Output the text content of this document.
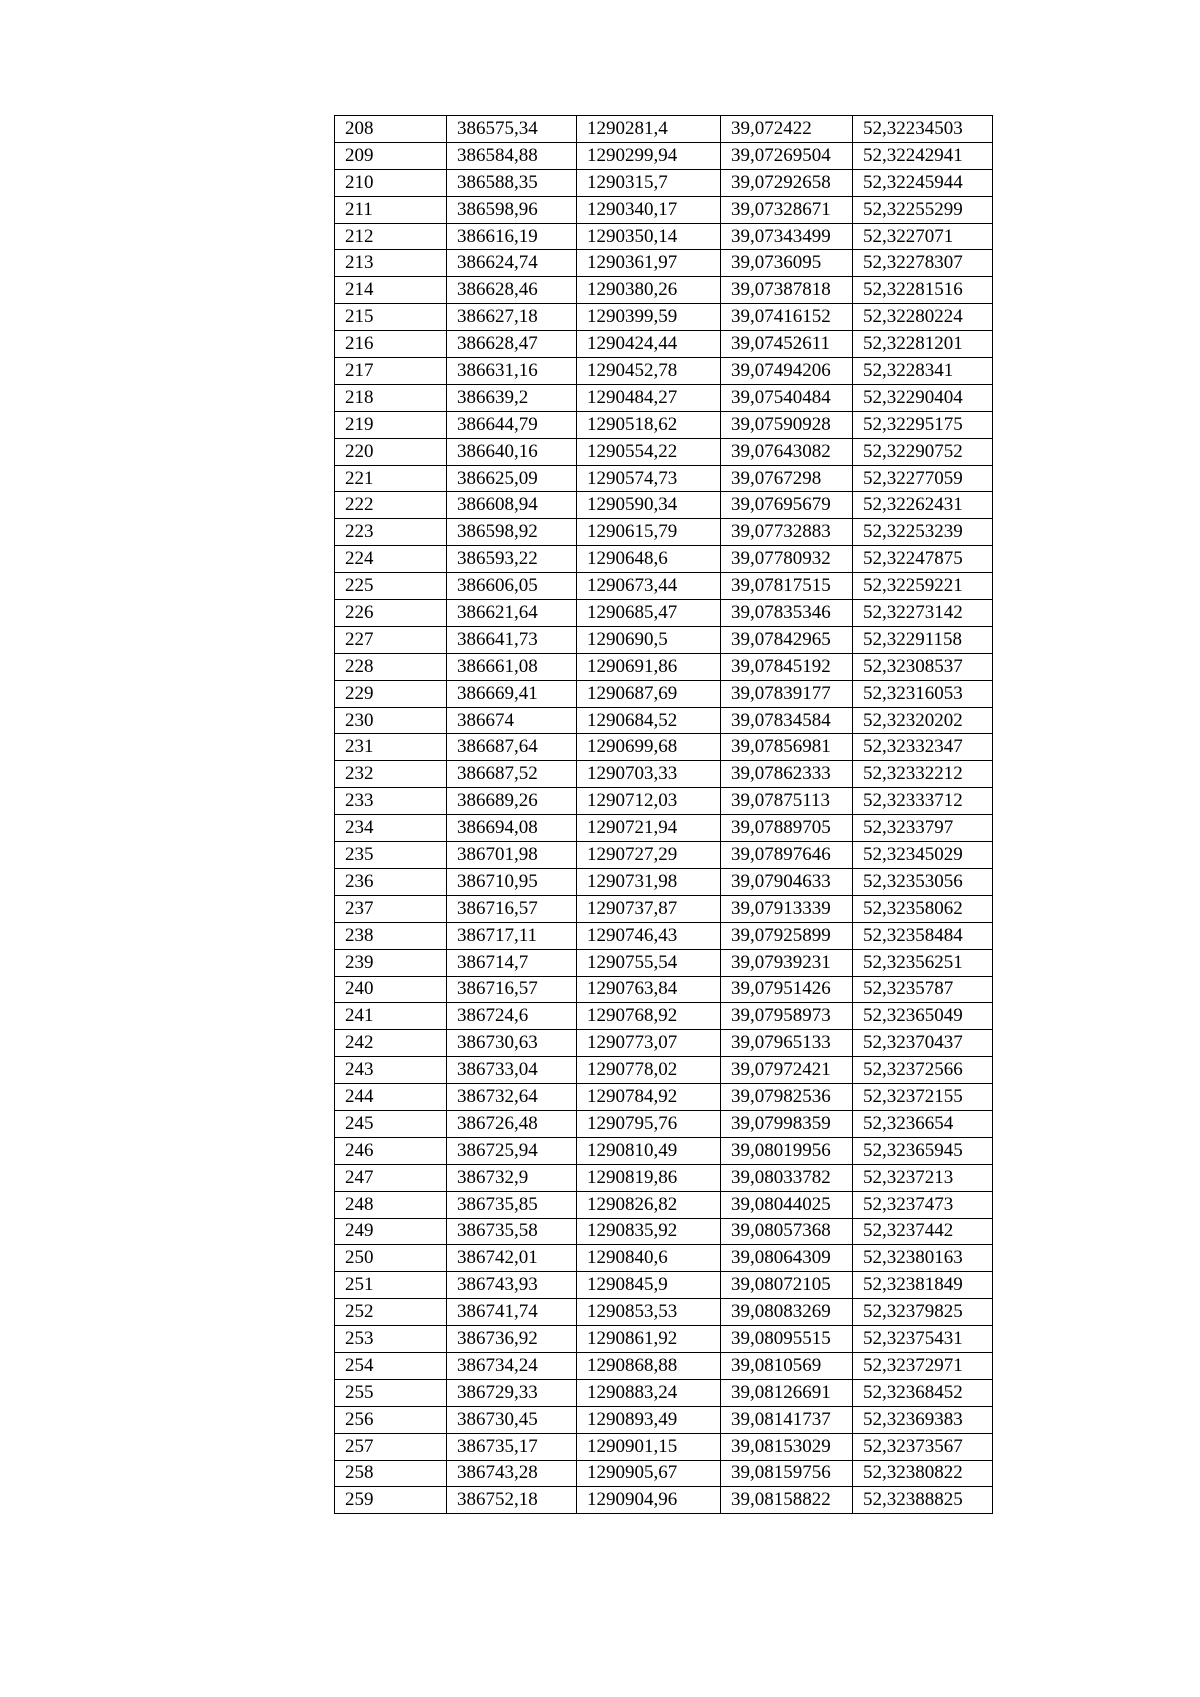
208	386575,34	1290281,4	39,072422	52,32234503
209	386584,88	1290299,94	39,07269504	52,32242941
210	386588,35	1290315,7	39,07292658	52,32245944
211	386598,96	1290340,17	39,07328671	52,32255299
212	386616,19	1290350,14	39,07343499	52,3227071
213	386624,74	1290361,97	39,0736095	52,32278307
214	386628,46	1290380,26	39,07387818	52,32281516
215	386627,18	1290399,59	39,07416152	52,32280224
216	386628,47	1290424,44	39,07452611	52,32281201
217	386631,16	1290452,78	39,07494206	52,3228341
218	386639,2	1290484,27	39,07540484	52,32290404
219	386644,79	1290518,62	39,07590928	52,32295175
220	386640,16	1290554,22	39,07643082	52,32290752
221	386625,09	1290574,73	39,0767298	52,32277059
222	386608,94	1290590,34	39,07695679	52,32262431
223	386598,92	1290615,79	39,07732883	52,32253239
224	386593,22	1290648,6	39,07780932	52,32247875
225	386606,05	1290673,44	39,07817515	52,32259221
226	386621,64	1290685,47	39,07835346	52,32273142
227	386641,73	1290690,5	39,07842965	52,32291158
228	386661,08	1290691,86	39,07845192	52,32308537
229	386669,41	1290687,69	39,07839177	52,32316053
230	386674	1290684,52	39,07834584	52,32320202
231	386687,64	1290699,68	39,07856981	52,32332347
232	386687,52	1290703,33	39,07862333	52,32332212
233	386689,26	1290712,03	39,07875113	52,32333712
234	386694,08	1290721,94	39,07889705	52,3233797
235	386701,98	1290727,29	39,07897646	52,32345029
236	386710,95	1290731,98	39,07904633	52,32353056
237	386716,57	1290737,87	39,07913339	52,32358062
238	386717,11	1290746,43	39,07925899	52,32358484
239	386714,7	1290755,54	39,07939231	52,32356251
240	386716,57	1290763,84	39,07951426	52,3235787
241	386724,6	1290768,92	39,07958973	52,32365049
242	386730,63	1290773,07	39,07965133	52,32370437
243	386733,04	1290778,02	39,07972421	52,32372566
244	386732,64	1290784,92	39,07982536	52,32372155
245	386726,48	1290795,76	39,07998359	52,3236654
246	386725,94	1290810,49	39,08019956	52,32365945
247	386732,9	1290819,86	39,08033782	52,3237213
248	386735,85	1290826,82	39,08044025	52,3237473
249	386735,58	1290835,92	39,08057368	52,3237442
250	386742,01	1290840,6	39,08064309	52,32380163
251	386743,93	1290845,9	39,08072105	52,32381849
252	386741,74	1290853,53	39,08083269	52,32379825
253	386736,92	1290861,92	39,08095515	52,32375431
254	386734,24	1290868,88	39,0810569	52,32372971
255	386729,33	1290883,24	39,08126691	52,32368452
256	386730,45	1290893,49	39,08141737	52,32369383
257	386735,17	1290901,15	39,08153029	52,32373567
258	386743,28	1290905,67	39,08159756	52,32380822
259	386752,18	1290904,96	39,08158822	52,32388825
